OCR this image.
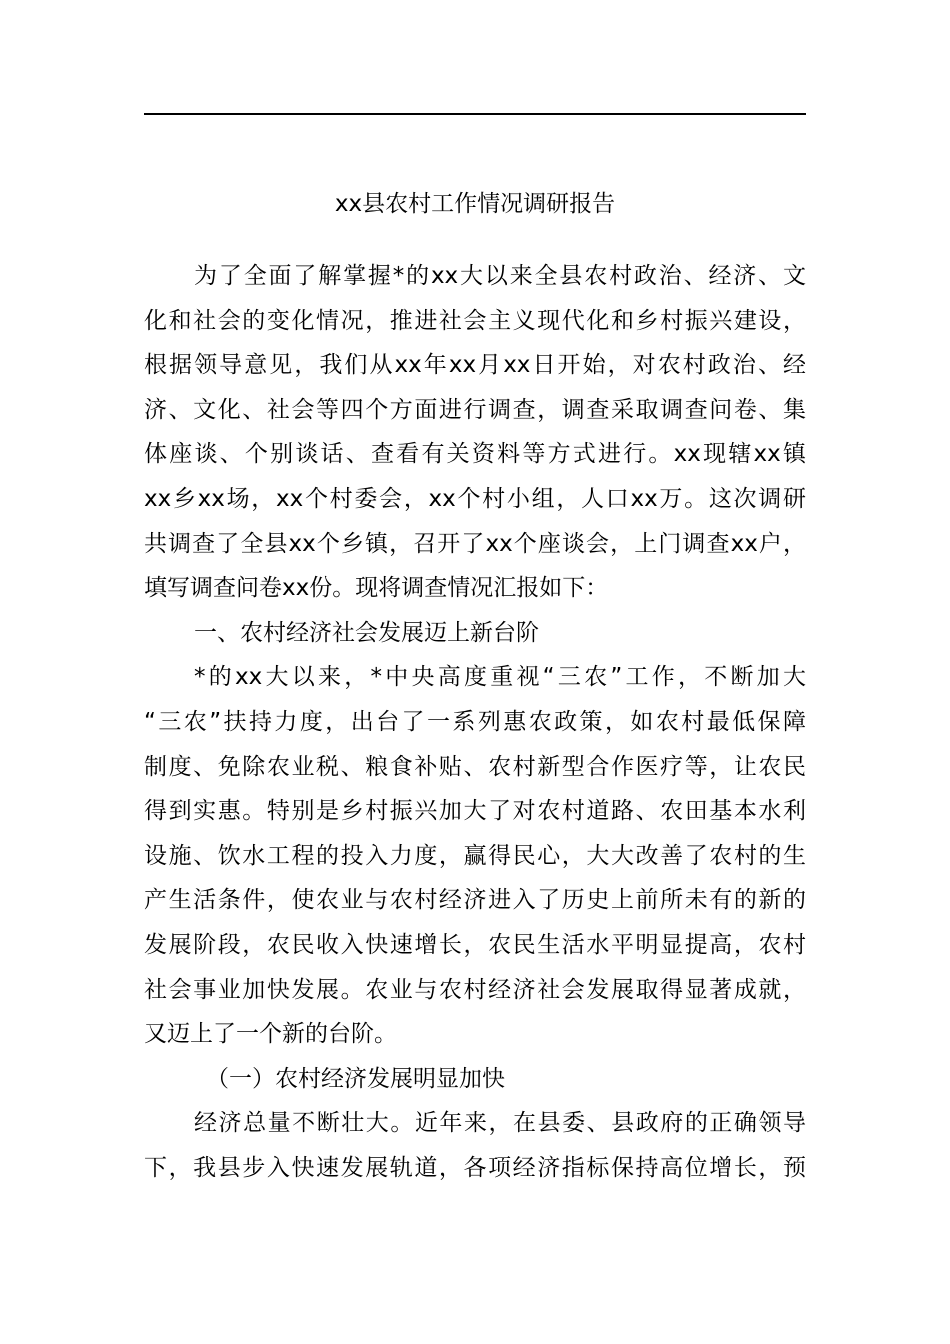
xx县农村工作情况调研报告
为了全面了解掌握*的xx大以来全县农村政治、经济、文
化和社会的变化情况，推进社会主义现代化和乡村振兴建设，
根据领导意见，我们从xx年xx月xx日开始，对农村政治、经
济、文化、社会等四个方面进行调查，调查采取调查问卷、集
体座谈、个别谈话、查看有关资料等方式进行。xx现辖xx镇
xx乡xx场，xx个村委会，xx个村小组，人口xx万。这次调研
共调查了全县xx个乡镇，召开了xx个座谈会，上门调查xx户，
填写调查问卷xx份。现将调查情况汇报如下：
一、农村经济社会发展迈上新台阶
*的xx大以来，*中央高度重视“三农”工作，不断加大
“三农”扶持力度，出台了一系列惠农政策，如农村最低保障
制度、免除农业税、粮食补贴、农村新型合作医疗等，让农民
得到实惠。特别是乡村振兴加大了对农村道路、农田基本水利
设施、饮水工程的投入力度，赢得民心，大大改善了农村的生
产生活条件，使农业与农村经济进入了历史上前所未有的新的
发展阶段，农民收入快速增长，农民生活水平明显提高，农村
社会事业加快发展。农业与农村经济社会发展取得显著成就，
又迈上了一个新的台阶。
（一）农村经济发展明显加快
经济总量不断壮大。近年来，在县委、县政府的正确领导
下，我县步入快速发展轨道，各项经济指标保持高位增长，预
